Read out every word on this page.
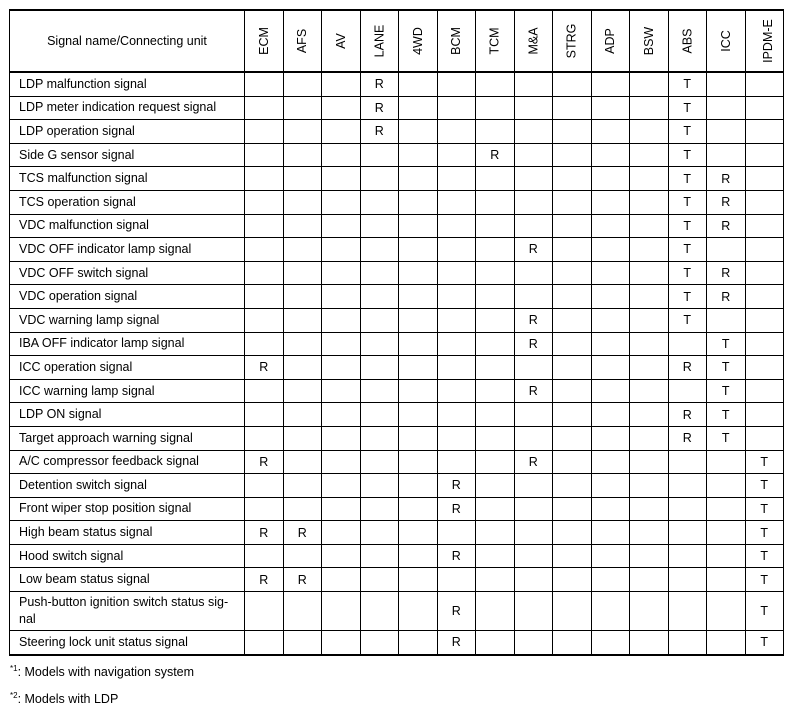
Signal name/Connecting unit	ECM	AFS	AV	LANE	4WD	BCM	TCM	M&A	STRG	ADP	BSW	ABS	ICC	IPDM-E
LDP malfunction signal				R								T		
LDP meter indication request signal				R								T		
LDP operation signal				R								T		
Side G sensor signal							R					T		
TCS malfunction signal												T	R	
TCS operation signal												T	R	
VDC malfunction signal												T	R	
VDC OFF indicator lamp signal								R				T		
VDC OFF switch signal												T	R	
VDC operation signal												T	R	
VDC warning lamp signal								R				T		
IBA OFF indicator lamp signal								R					T	
ICC operation signal	R											R	T	
ICC warning lamp signal								R					T	
LDP ON signal												R	T	
Target approach warning signal												R	T	
A/C compressor feedback signal	R							R						T
Detention switch signal						R								T
Front wiper stop position signal						R								T
High beam status signal	R	R												T
Hood switch signal						R								T
Low beam status signal	R	R												T
Push-button ignition switch status sig-
nal						R								T
Steering lock unit status signal						R								T
$^{*1}$: Models with navigation system
$^{*2}$: Models with LDP
